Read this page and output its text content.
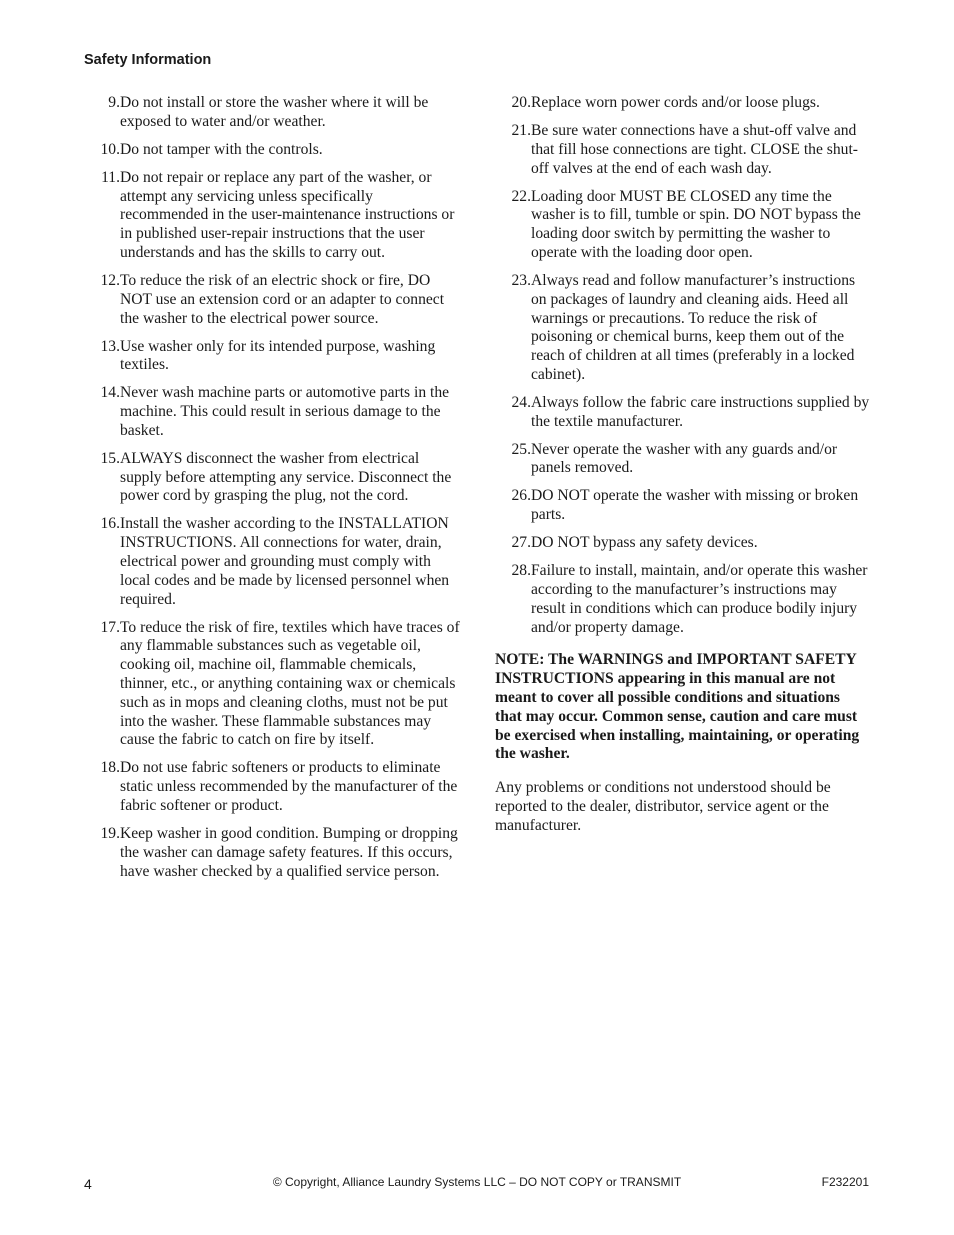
Safety Information
9. Do not install or store the washer where it will be exposed to water and/or weather.
10. Do not tamper with the controls.
11. Do not repair or replace any part of the washer, or attempt any servicing unless specifically recommended in the user-maintenance instructions or in published user-repair instructions that the user understands and has the skills to carry out.
12. To reduce the risk of an electric shock or fire, DO NOT use an extension cord or an adapter to connect the washer to the electrical power source.
13. Use washer only for its intended purpose, washing textiles.
14. Never wash machine parts or automotive parts in the machine. This could result in serious damage to the basket.
15. ALWAYS disconnect the washer from electrical supply before attempting any service. Disconnect the power cord by grasping the plug, not the cord.
16. Install the washer according to the INSTALLATION INSTRUCTIONS. All connections for water, drain, electrical power and grounding must comply with local codes and be made by licensed personnel when required.
17. To reduce the risk of fire, textiles which have traces of any flammable substances such as vegetable oil, cooking oil, machine oil, flammable chemicals, thinner, etc., or anything containing wax or chemicals such as in mops and cleaning cloths, must not be put into the washer. These flammable substances may cause the fabric to catch on fire by itself.
18. Do not use fabric softeners or products to eliminate static unless recommended by the manufacturer of the fabric softener or product.
19. Keep washer in good condition. Bumping or dropping the washer can damage safety features. If this occurs, have washer checked by a qualified service person.
20. Replace worn power cords and/or loose plugs.
21. Be sure water connections have a shut-off valve and that fill hose connections are tight. CLOSE the shut-off valves at the end of each wash day.
22. Loading door MUST BE CLOSED any time the washer is to fill, tumble or spin. DO NOT bypass the loading door switch by permitting the washer to operate with the loading door open.
23. Always read and follow manufacturer’s instructions on packages of laundry and cleaning aids. Heed all warnings or precautions. To reduce the risk of poisoning or chemical burns, keep them out of the reach of children at all times (preferably in a locked cabinet).
24. Always follow the fabric care instructions supplied by the textile manufacturer.
25. Never operate the washer with any guards and/or panels removed.
26. DO NOT operate the washer with missing or broken parts.
27. DO NOT bypass any safety devices.
28. Failure to install, maintain, and/or operate this washer according to the manufacturer’s instructions may result in conditions which can produce bodily injury and/or property damage.

NOTE: The WARNINGS and IMPORTANT SAFETY INSTRUCTIONS appearing in this manual are not meant to cover all possible conditions and situations that may occur. Common sense, caution and care must be exercised when installing, maintaining, or operating the washer.

Any problems or conditions not understood should be reported to the dealer, distributor, service agent or the manufacturer.

4	© Copyright, Alliance Laundry Systems LLC – DO NOT COPY or TRANSMIT	F232201
